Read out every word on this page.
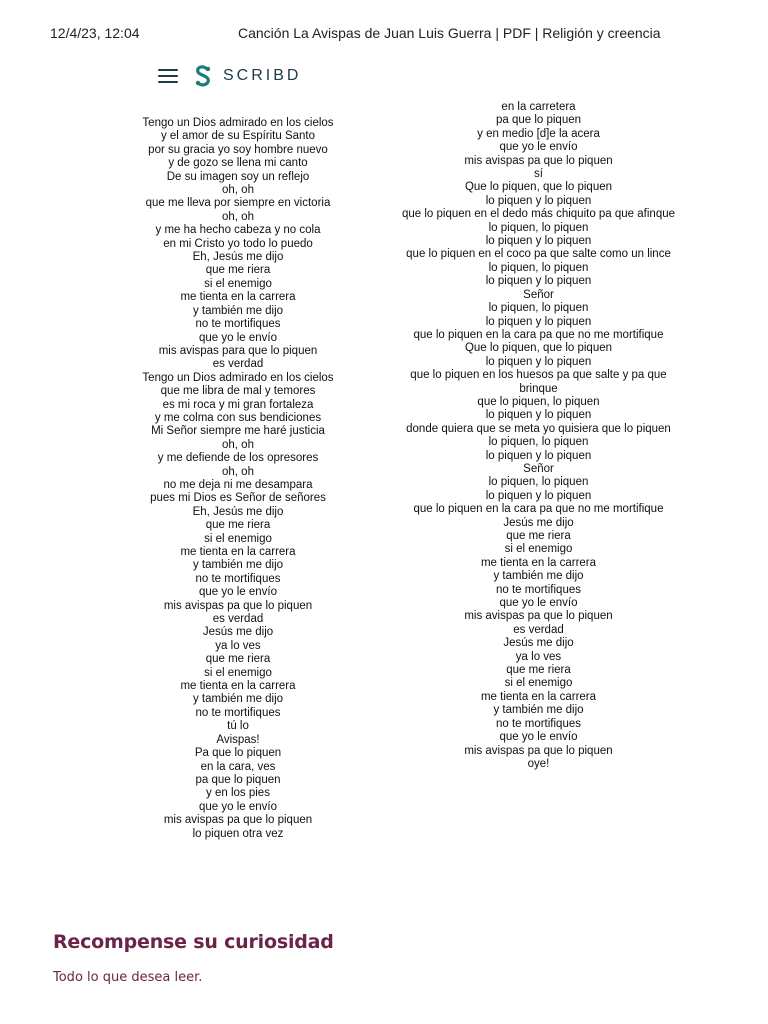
12/4/23, 12:04	Canción La Avispas de Juan Luis Guerra | PDF | Religión y creencia
SCRIBD
Tengo un Dios admirado en los cielos
y el amor de su Espíritu Santo
por su gracia yo soy hombre nuevo
y de gozo se llena mi canto
De su imagen soy un reflejo
oh, oh
que me lleva por siempre en victoria
oh, oh
y me ha hecho cabeza y no cola
en mi Cristo yo todo lo puedo
Eh, Jesús me dijo
que me riera
si el enemigo
me tienta en la carrera
y también me dijo
no te mortifiques
que yo le envío
mis avispas para que lo piquen
es verdad
Tengo un Dios admirado en los cielos
que me libra de mal y temores
es mi roca y mi gran fortaleza
y me colma con sus bendiciones
Mi Señor siempre me haré justicia
oh, oh
y me defiende de los opresores
oh, oh
no me deja ni me desampara
pues mi Dios es Señor de señores
Eh, Jesús me dijo
que me riera
si el enemigo
me tienta en la carrera
y también me dijo
no te mortifiques
que yo le envío
mis avispas pa que lo piquen
es verdad
Jesús me dijo
ya lo ves
que me riera
si el enemigo
me tienta en la carrera
y también me dijo
no te mortifiques
tú lo
Avispas!
Pa que lo piquen
en la cara, ves
pa que lo piquen
y en los pies
que yo le envío
mis avispas pa que lo piquen
lo piquen otra vez
en la carretera
pa que lo piquen
y en medio [d]e la acera
que yo le envío
mis avispas pa que lo piquen
sí
Que lo piquen, que lo piquen
lo piquen y lo piquen
que lo piquen en el dedo más chiquito pa que afinque
lo piquen, lo piquen
lo piquen y lo piquen
que lo piquen en el coco pa que salte como un lince
lo piquen, lo piquen
lo piquen y lo piquen
Señor
lo piquen, lo piquen
lo piquen y lo piquen
que lo piquen en la cara pa que no me mortifique
Que lo piquen, que lo piquen
lo piquen y lo piquen
que lo piquen en los huesos pa que salte y pa que brinque
que lo piquen, lo piquen
lo piquen y lo piquen
donde quiera que se meta yo quisiera que lo piquen
lo piquen, lo piquen
lo piquen y lo piquen
Señor
lo piquen, lo piquen
lo piquen y lo piquen
que lo piquen en la cara pa que no me mortifique
Jesús me dijo
que me riera
si el enemigo
me tienta en la carrera
y también me dijo
no te mortifiques
que yo le envío
mis avispas pa que lo piquen
es verdad
Jesús me dijo
ya lo ves
que me riera
si el enemigo
me tienta en la carrera
y también me dijo
no te mortifiques
que yo le envío
mis avispas pa que lo piquen
oye!
Recompense su curiosidad
Todo lo que desea leer.
